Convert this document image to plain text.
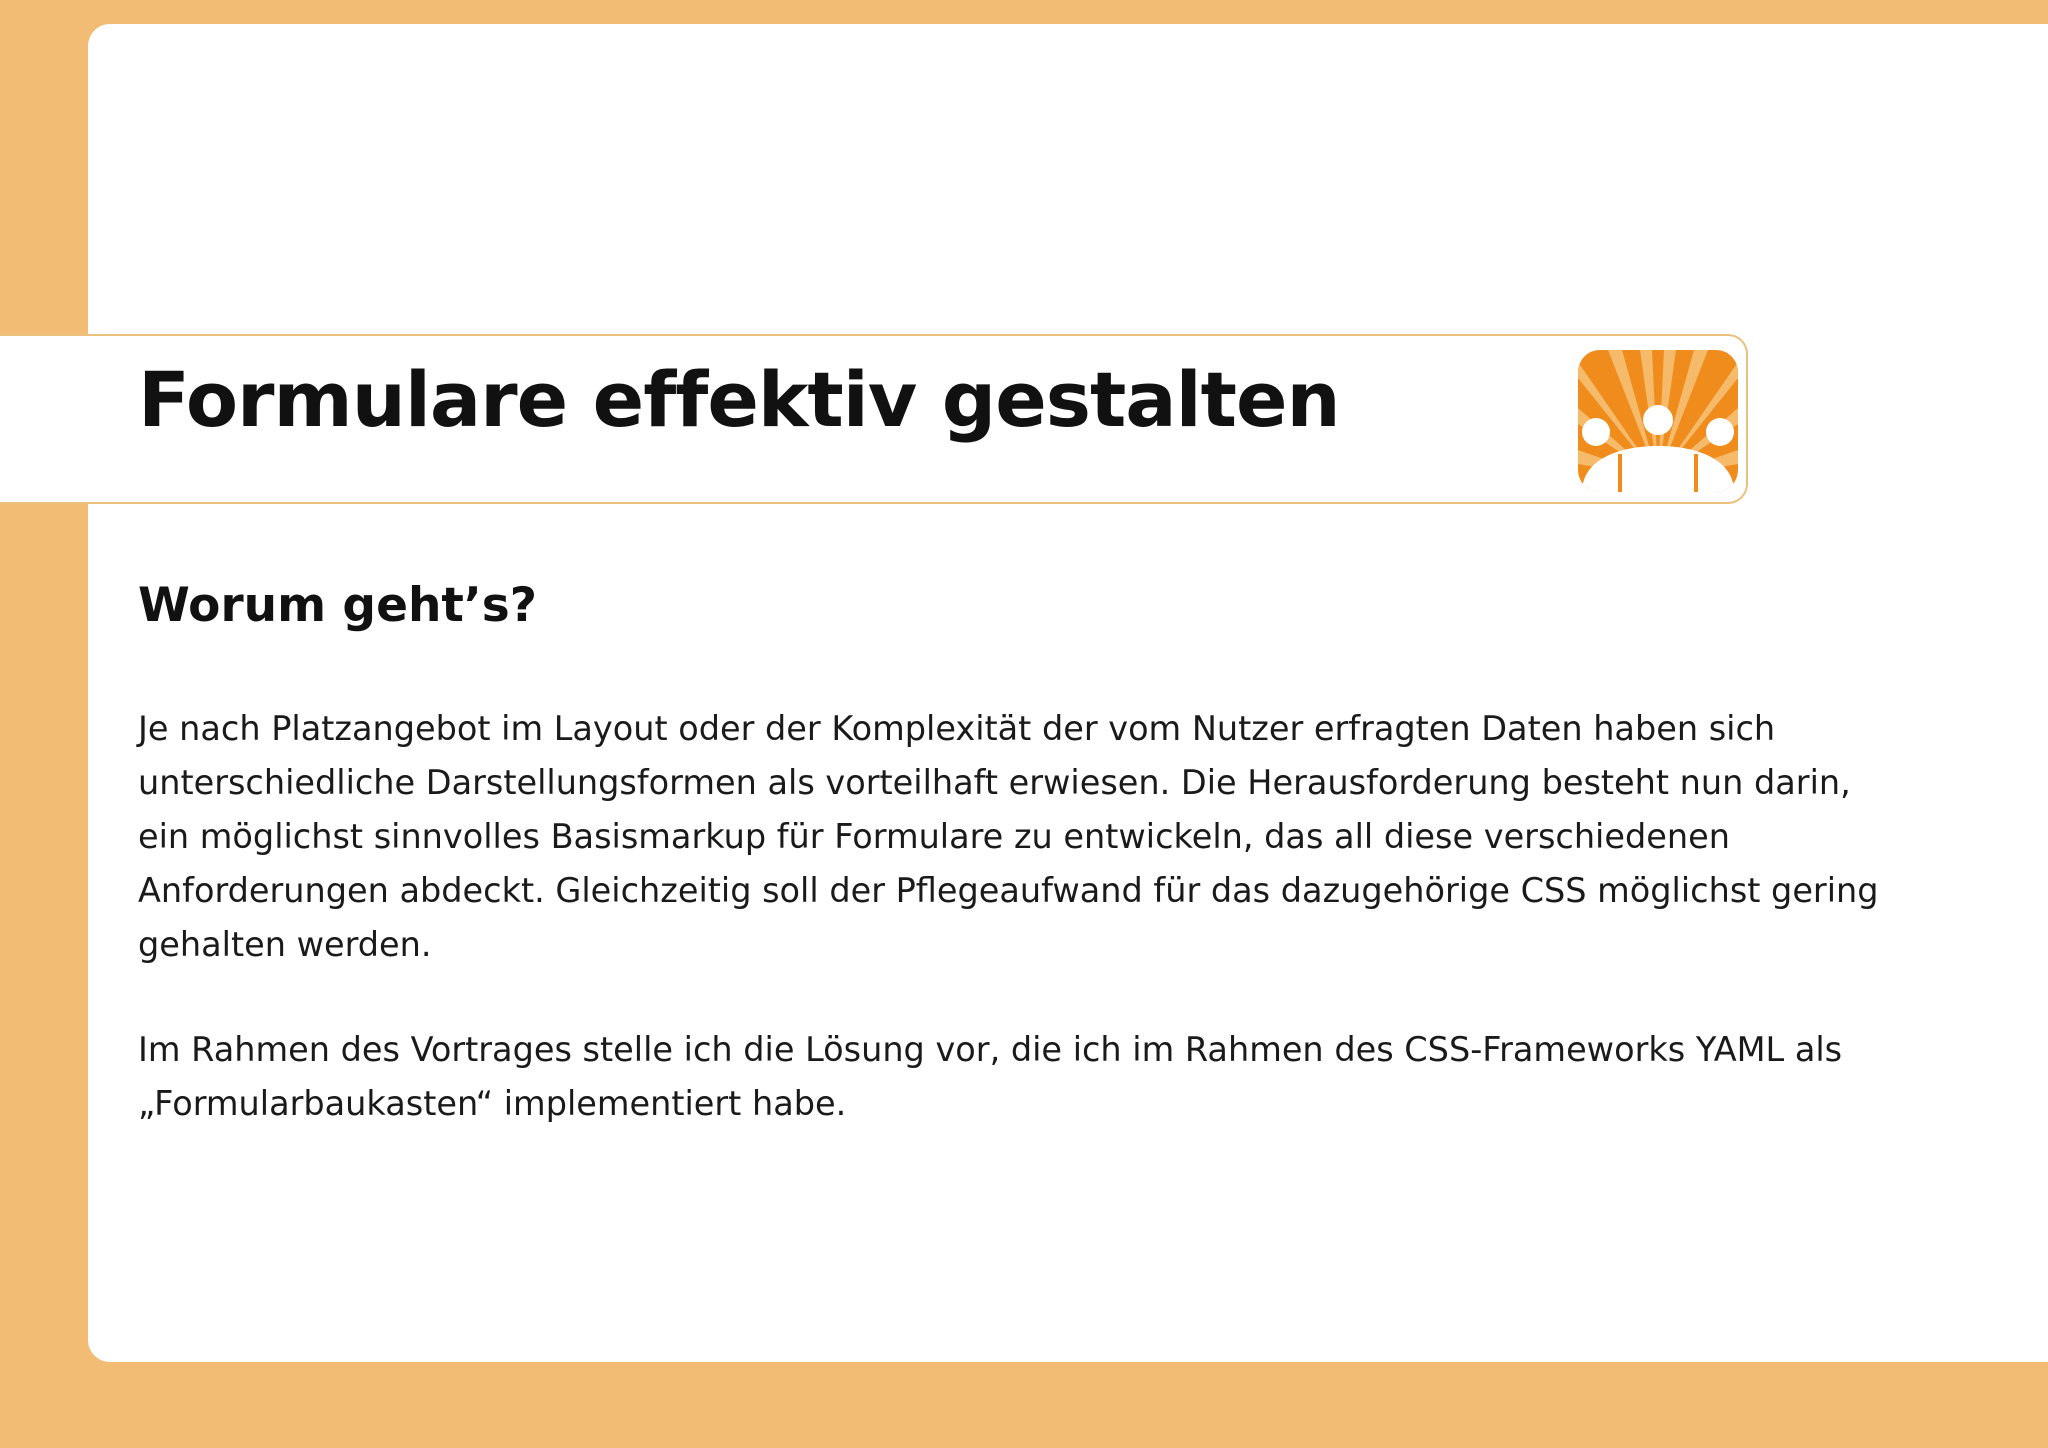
Formulare effektiv gestalten
Worum geht’s?

Je nach Platzangebot im Layout oder der Komplexität der vom Nutzer erfragten Daten haben sich
unterschiedliche Darstellungsformen als vorteilhaft erwiesen. Die Herausforderung besteht nun darin,
ein möglichst sinnvolles Basismarkup für Formulare zu entwickeln, das all diese verschiedenen
Anforderungen abdeckt. Gleichzeitig soll der Pflegeaufwand für das dazugehörige CSS möglichst gering
gehalten werden.

Im Rahmen des Vortrages stelle ich die Lösung vor, die ich im Rahmen des CSS-Frameworks YAML als
„Formularbaukasten“ implementiert habe.
